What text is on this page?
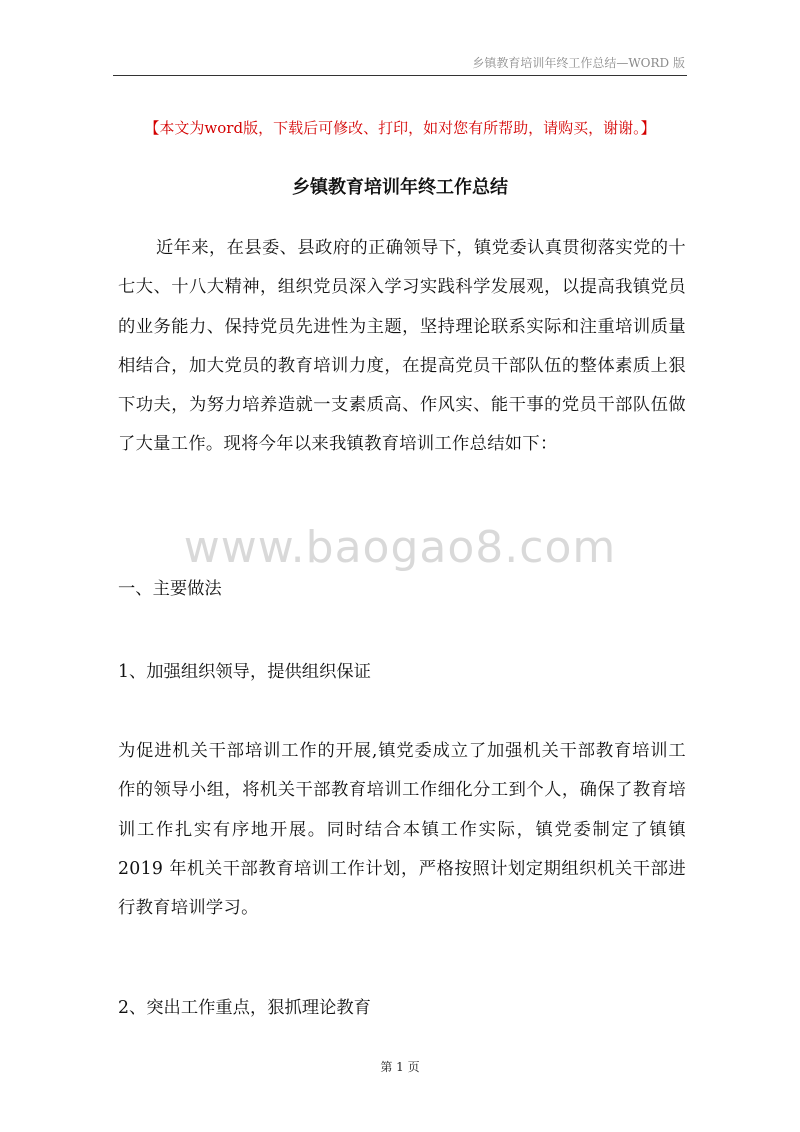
乡镇教育培训年终工作总结—WORD 版
【本文为word版，下载后可修改、打印，如对您有所帮助，请购买，谢谢。】
乡镇教育培训年终工作总结

近年来，在县委、县政府的正确领导下，镇党委认真贯彻落实党的十七大、十八大精神，组织党员深入学习实践科学发展观，以提高我镇党员的业务能力、保持党员先进性为主题，坚持理论联系实际和注重培训质量相结合，加大党员的教育培训力度，在提高党员干部队伍的整体素质上狠下功夫，为努力培养造就一支素质高、作风实、能干事的党员干部队伍做了大量工作。现将今年以来我镇教育培训工作总结如下：

www.baogao8.com
一、主要做法
1、加强组织领导，提供组织保证

为促进机关干部培训工作的开展,镇党委成立了加强机关干部教育培训工作的领导小组，将机关干部教育培训工作细化分工到个人，确保了教育培训工作扎实有序地开展。同时结合本镇工作实际，镇党委制定了镇镇 2019 年机关干部教育培训工作计划，严格按照计划定期组织机关干部进行教育培训学习。

2、突出工作重点，狠抓理论教育
第 1 页
